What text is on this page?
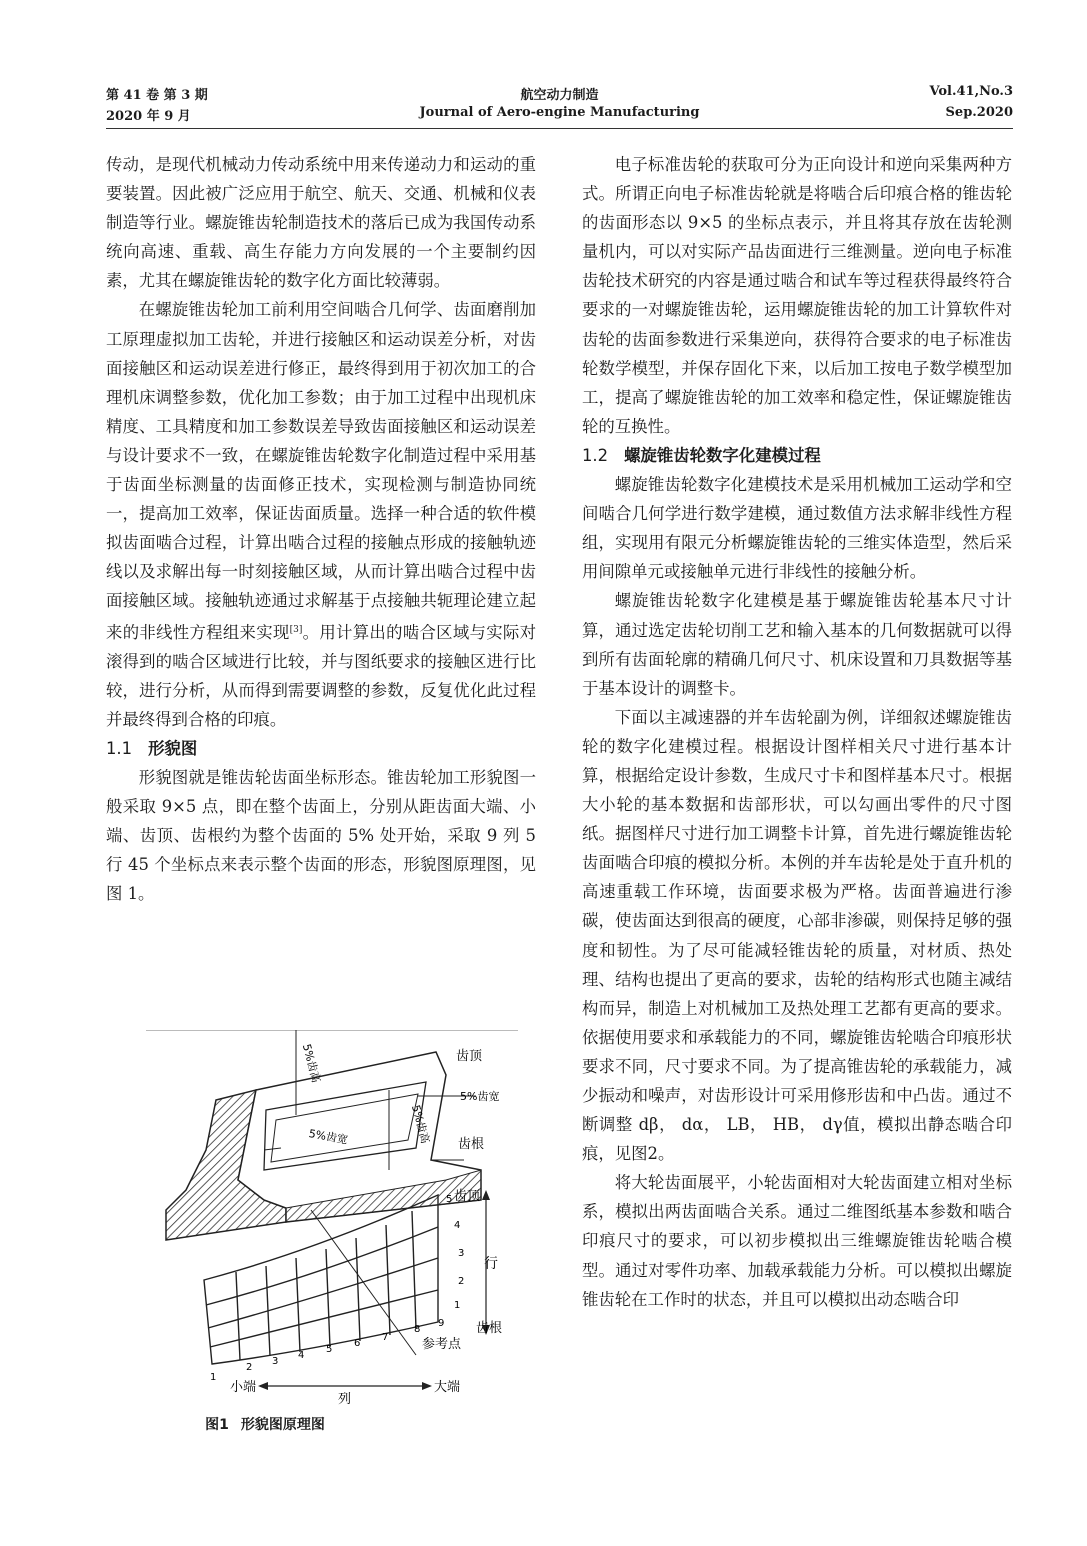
第 41 卷 第 3 期	航空动力制造	Vol.41,No.3
2020 年 9 月	Journal of Aero-engine Manufacturing	Sep.2020

传动，是现代机械动力传动系统中用来传递动力和运动的重要装置。因此被广泛应用于航空、航天、交通、机械和仪表制造等行业。螺旋锥齿轮制造技术的落后已成为我国传动系统向高速、重载、高生存能力方向发展的一个主要制约因素，尤其在螺旋锥齿轮的数字化方面比较薄弱。

在螺旋锥齿轮加工前利用空间啮合几何学、齿面磨削加工原理虚拟加工齿轮，并进行接触区和运动误差分析，对齿面接触区和运动误差进行修正，最终得到用于初次加工的合理机床调整参数，优化加工参数；由于加工过程中出现机床精度、工具精度和加工参数误差导致齿面接触区和运动误差与设计要求不一致，在螺旋锥齿轮数字化制造过程中采用基于齿面坐标测量的齿面修正技术，实现检测与制造协同统一，提高加工效率，保证齿面质量。选择一种合适的软件模拟齿面啮合过程，计算出啮合过程的接触点形成的接触轨迹线以及求解出每一时刻接触区域，从而计算出啮合过程中齿面接触区域。接触轨迹通过求解基于点接触共轭理论建立起来的非线性方程组来实现[3]。用计算出的啮合区域与实际对滚得到的啮合区域进行比较，并与图纸要求的接触区进行比较，进行分析，从而得到需要调整的参数，反复优化此过程并最终得到合格的印痕。

1.1 形貌图

形貌图就是锥齿轮齿面坐标形态。锥齿轮加工形貌图一般采取 9×5 点，即在整个齿面上，分别从距齿面大端、小端、齿顶、齿根约为整个齿面的 5% 处开始，采取 9 列 5 行 45 个坐标点来表示整个齿面的形态，形貌图原理图，见图 1。

5%齿高	齿顶
5%齿宽
5%齿高
5%齿宽	齿根
5
4
3
2
1
齿顶
行
齿根
1
2
3
4
5
6
7
8
9
参考点
小端
列
大端
图1 形貌图原理图

电子标准齿轮的获取可分为正向设计和逆向采集两种方式。所谓正向电子标准齿轮就是将啮合后印痕合格的锥齿轮的齿面形态以 9×5 的坐标点表示，并且将其存放在齿轮测量机内，可以对实际产品齿面进行三维测量。逆向电子标准齿轮技术研究的内容是通过啮合和试车等过程获得最终符合要求的一对螺旋锥齿轮，运用螺旋锥齿轮的加工计算软件对齿轮的齿面参数进行采集逆向，获得符合要求的电子标准齿轮数学模型，并保存固化下来，以后加工按电子数学模型加工，提高了螺旋锥齿轮的加工效率和稳定性，保证螺旋锥齿轮的互换性。

1.2 螺旋锥齿轮数字化建模过程

螺旋锥齿轮数字化建模技术是采用机械加工运动学和空间啮合几何学进行数学建模，通过数值方法求解非线性方程组，实现用有限元分析螺旋锥齿轮的三维实体造型，然后采用间隙单元或接触单元进行非线性的接触分析。

螺旋锥齿轮数字化建模是基于螺旋锥齿轮基本尺寸计算，通过选定齿轮切削工艺和输入基本的几何数据就可以得到所有齿面轮廓的精确几何尺寸、机床设置和刀具数据等基于基本设计的调整卡。

下面以主减速器的并车齿轮副为例，详细叙述螺旋锥齿轮的数字化建模过程。根据设计图样相关尺寸进行基本计算，根据给定设计参数，生成尺寸卡和图样基本尺寸。根据大小轮的基本数据和齿部形状，可以勾画出零件的尺寸图纸。据图样尺寸进行加工调整卡计算，首先进行螺旋锥齿轮齿面啮合印痕的模拟分析。本例的并车齿轮是处于直升机的高速重载工作环境，齿面要求极为严格。齿面普遍进行渗碳，使齿面达到很高的硬度，心部非渗碳，则保持足够的强度和韧性。为了尽可能减轻锥齿轮的质量，对材质、热处理、结构也提出了更高的要求，齿轮的结构形式也随主减结构而异，制造上对机械加工及热处理工艺都有更高的要求。依据使用要求和承载能力的不同，螺旋锥齿轮啮合印痕形状要求不同，尺寸要求不同。为了提高锥齿轮的承载能力，减少振动和噪声，对齿形设计可采用修形齿和中凸齿。通过不断调整 dβ， dα， LB， HB， dγ值，模拟出静态啮合印痕，见图2。

将大轮齿面展平，小轮齿面相对大轮齿面建立相对坐标系，模拟出两齿面啮合关系。通过二维图纸基本参数和啮合印痕尺寸的要求，可以初步模拟出三维螺旋锥齿轮啮合模型。通过对零件功率、加载承载能力分析。可以模拟出螺旋锥齿轮在工作时的状态，并且可以模拟出动态啮合印
